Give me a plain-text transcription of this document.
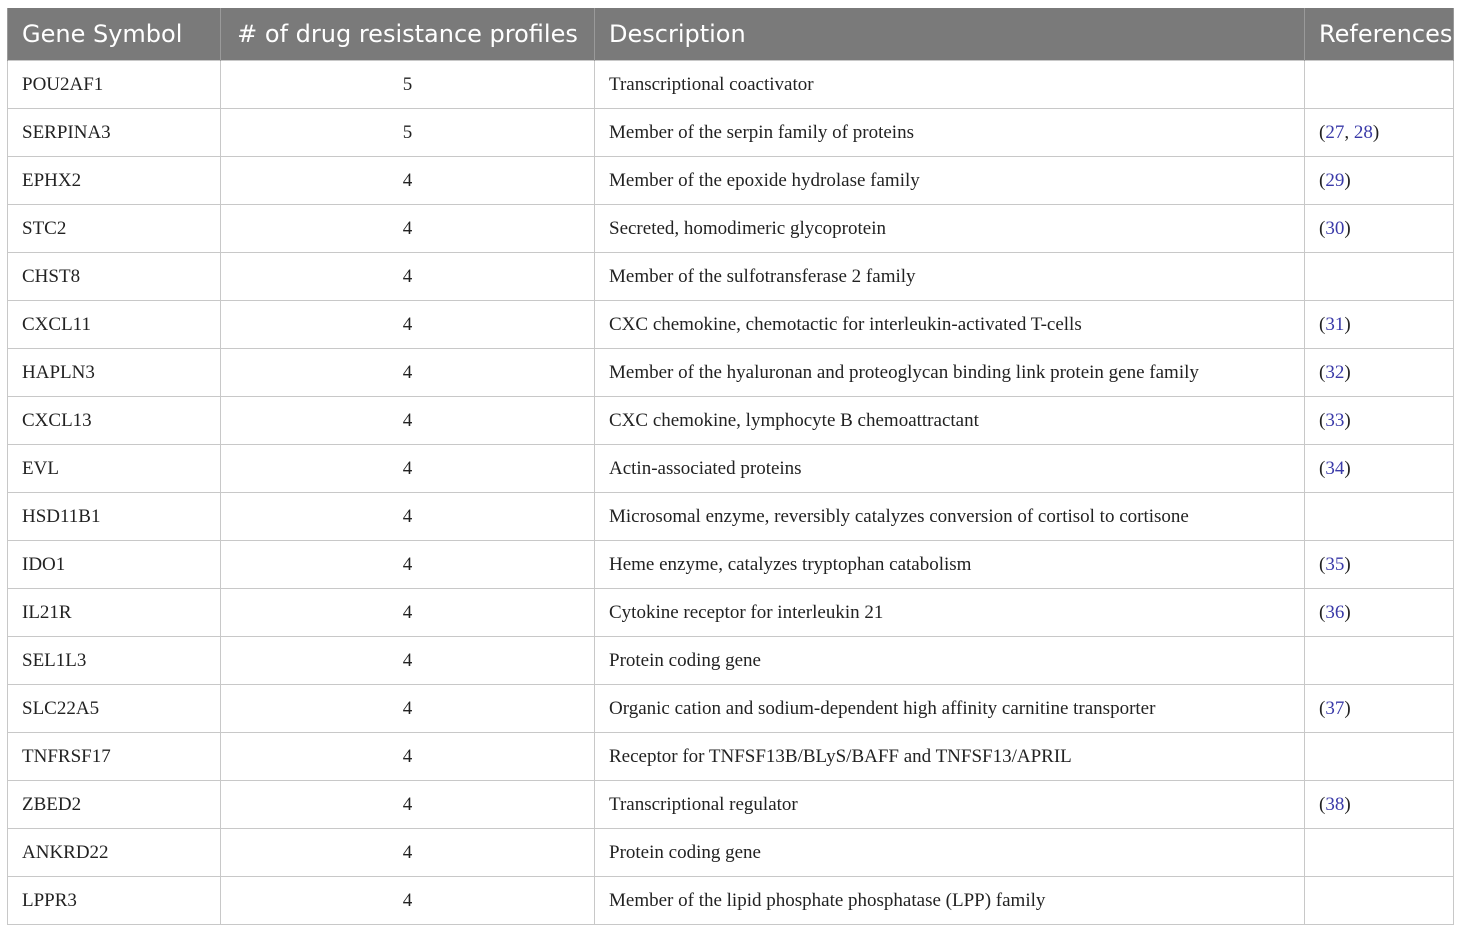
Gene Symbol	# of drug resistance profiles	Description	References
POU2AF1	5	Transcriptional coactivator	
SERPINA3	5	Member of the serpin family of proteins	(27, 28)
EPHX2	4	Member of the epoxide hydrolase family	(29)
STC2	4	Secreted, homodimeric glycoprotein	(30)
CHST8	4	Member of the sulfotransferase 2 family	
CXCL11	4	CXC chemokine, chemotactic for interleukin-activated T-cells	(31)
HAPLN3	4	Member of the hyaluronan and proteoglycan binding link protein gene family	(32)
CXCL13	4	CXC chemokine, lymphocyte B chemoattractant	(33)
EVL	4	Actin-associated proteins	(34)
HSD11B1	4	Microsomal enzyme, reversibly catalyzes conversion of cortisol to cortisone	
IDO1	4	Heme enzyme, catalyzes tryptophan catabolism	(35)
IL21R	4	Cytokine receptor for interleukin 21	(36)
SEL1L3	4	Protein coding gene	
SLC22A5	4	Organic cation and sodium-dependent high affinity carnitine transporter	(37)
TNFRSF17	4	Receptor for TNFSF13B/BLyS/BAFF and TNFSF13/APRIL	
ZBED2	4	Transcriptional regulator	(38)
ANKRD22	4	Protein coding gene	
LPPR3	4	Member of the lipid phosphate phosphatase (LPP) family	
